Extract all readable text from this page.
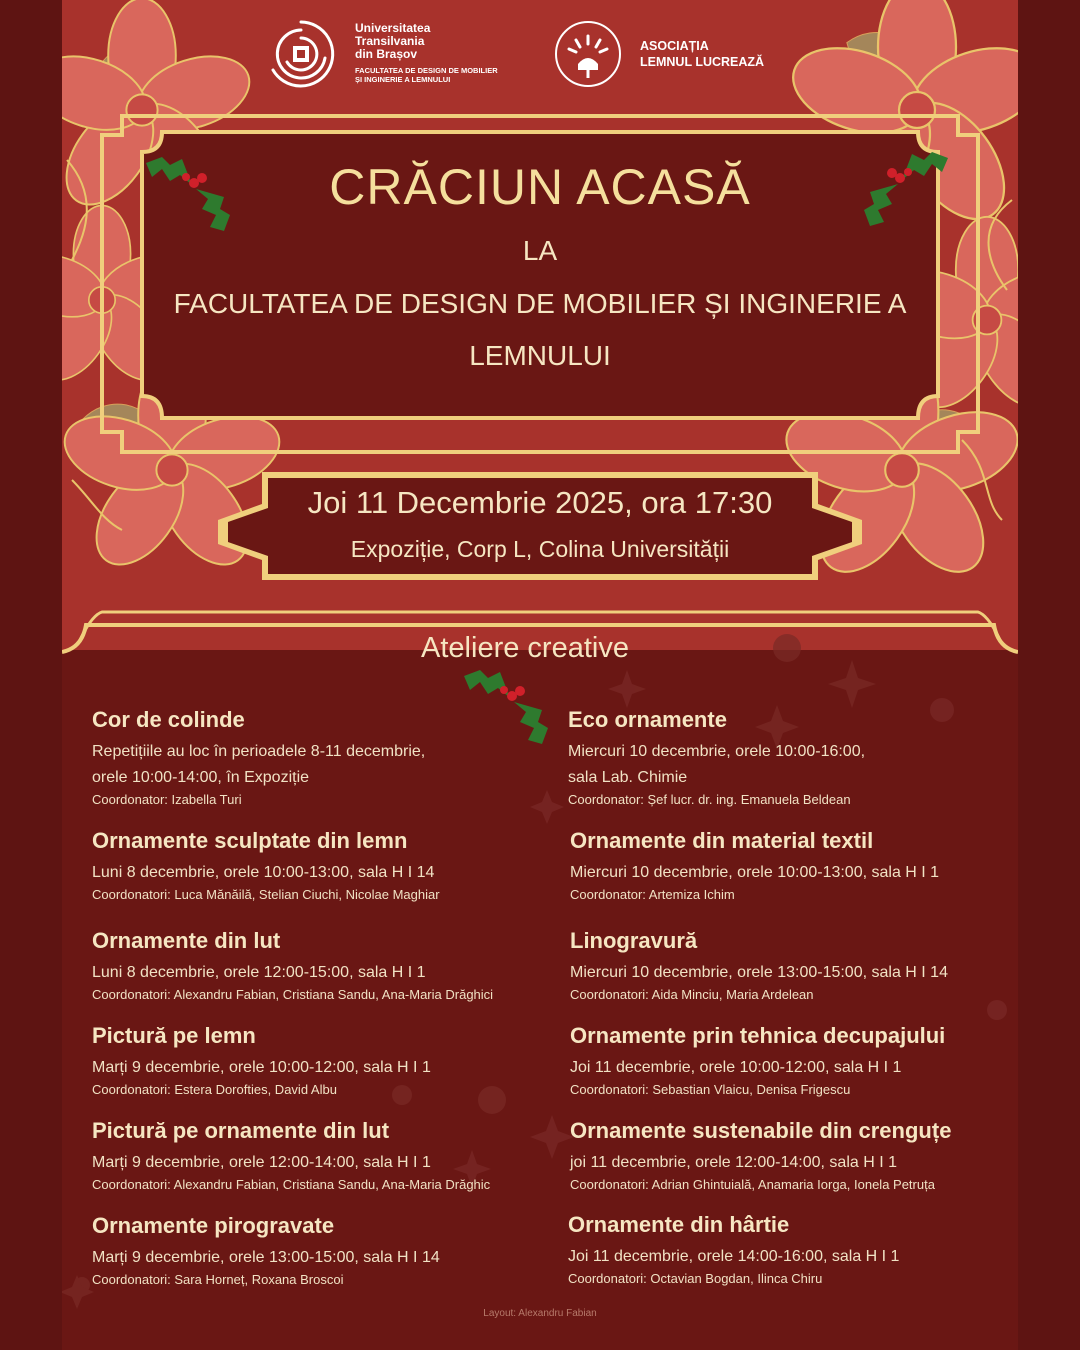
Universitatea
Transilvania
din Brașov
FACULTATEA DE DESIGN DE MOBILIER
ȘI INGINERIE A LEMNULUI
ASOCIAȚIA
LEMNUL LUCREAZĂ
CRĂCIUN ACASĂ
LA
FACULTATEA DE DESIGN DE MOBILIER ȘI INGINERIE A LEMNULUI
Joi 11 Decembrie 2025, ora 17:30
Expoziție, Corp L, Colina Universității
Ateliere creative
Cor de colinde
Repetițiile au loc în perioadele 8-11 decembrie,
orele 10:00-14:00, în Expoziție
Coordonator: Izabella Turi
Ornamente sculptate din lemn
Luni 8 decembrie, orele 10:00-13:00, sala H I 14
Coordonatori: Luca Mănăilă, Stelian Ciuchi, Nicolae Maghiar
Ornamente din lut
Luni 8 decembrie, orele 12:00-15:00, sala H I 1
Coordonatori: Alexandru Fabian, Cristiana Sandu, Ana-Maria Drăghici
Pictură pe lemn
Marți 9 decembrie, orele 10:00-12:00, sala H I 1
Coordonatori: Estera Dorofties, David Albu
Pictură pe ornamente din lut
Marți 9 decembrie, orele 12:00-14:00, sala H I 1
Coordonatori: Alexandru Fabian, Cristiana Sandu, Ana-Maria Drăghic
Ornamente pirogravate
Marți 9 decembrie, orele 13:00-15:00, sala H I 14
Coordonatori: Sara Horneț, Roxana Broscoi
Eco ornamente
Miercuri 10 decembrie, orele 10:00-16:00,
sala Lab. Chimie
Coordonator: Șef lucr. dr. ing. Emanuela Beldean
Ornamente din material textil
Miercuri 10 decembrie, orele 10:00-13:00, sala H I 1
Coordonator: Artemiza Ichim
Linogravură
Miercuri 10 decembrie, orele 13:00-15:00, sala H I 14
Coordonatori: Aida Minciu, Maria Ardelean
Ornamente prin tehnica decupajului
Joi 11 decembrie, orele 10:00-12:00, sala H I 1
Coordonatori: Sebastian Vlaicu, Denisa Frigescu
Ornamente sustenabile din crenguțe
joi 11 decembrie, orele 12:00-14:00, sala H I 1
Coordonatori: Adrian Ghintuială, Anamaria Iorga, Ionela Petruța
Ornamente din hârtie
Joi 11 decembrie, orele 14:00-16:00, sala H I 1
Coordonatori: Octavian Bogdan, Ilinca Chiru
Layout: Alexandru Fabian
